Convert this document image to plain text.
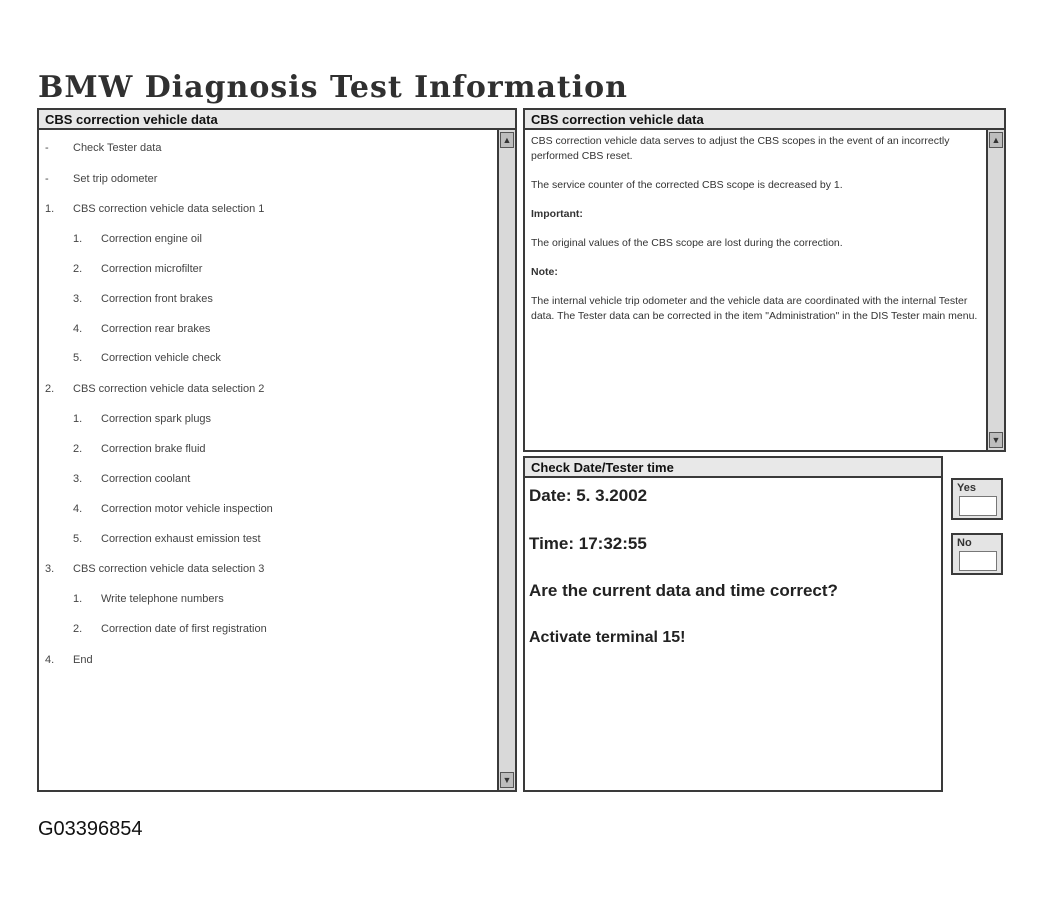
BMW Diagnosis Test Information
CBS correction vehicle data
- Check Tester data
- Set trip odometer
1. CBS correction vehicle data selection 1
1. Correction engine oil
2. Correction microfilter
3. Correction front brakes
4. Correction rear brakes
5. Correction vehicle check
2. CBS correction vehicle data selection 2
1. Correction spark plugs
2. Correction brake fluid
3. Correction coolant
4. Correction motor vehicle inspection
5. Correction exhaust emission test
3. CBS correction vehicle data selection 3
1. Write telephone numbers
2. Correction date of first registration
4. End
▲
▼
CBS correction vehicle data

CBS correction vehicle data serves to adjust the CBS scopes in the event of an incorrectly performed CBS reset.

The service counter of the corrected CBS scope is decreased by 1.

Important:

The original values of the CBS scope are lost during the correction.

Note:

The internal vehicle trip odometer and the vehicle data are coordinated with the internal Tester data. The Tester data can be corrected in the item "Administration" in the DIS Tester main menu.

▲
▼
Check Date/Tester time
Date: 5. 3.2002
Time: 17:32:55
Are the current data and time correct?
Activate terminal 15!
Yes
No
G03396854
